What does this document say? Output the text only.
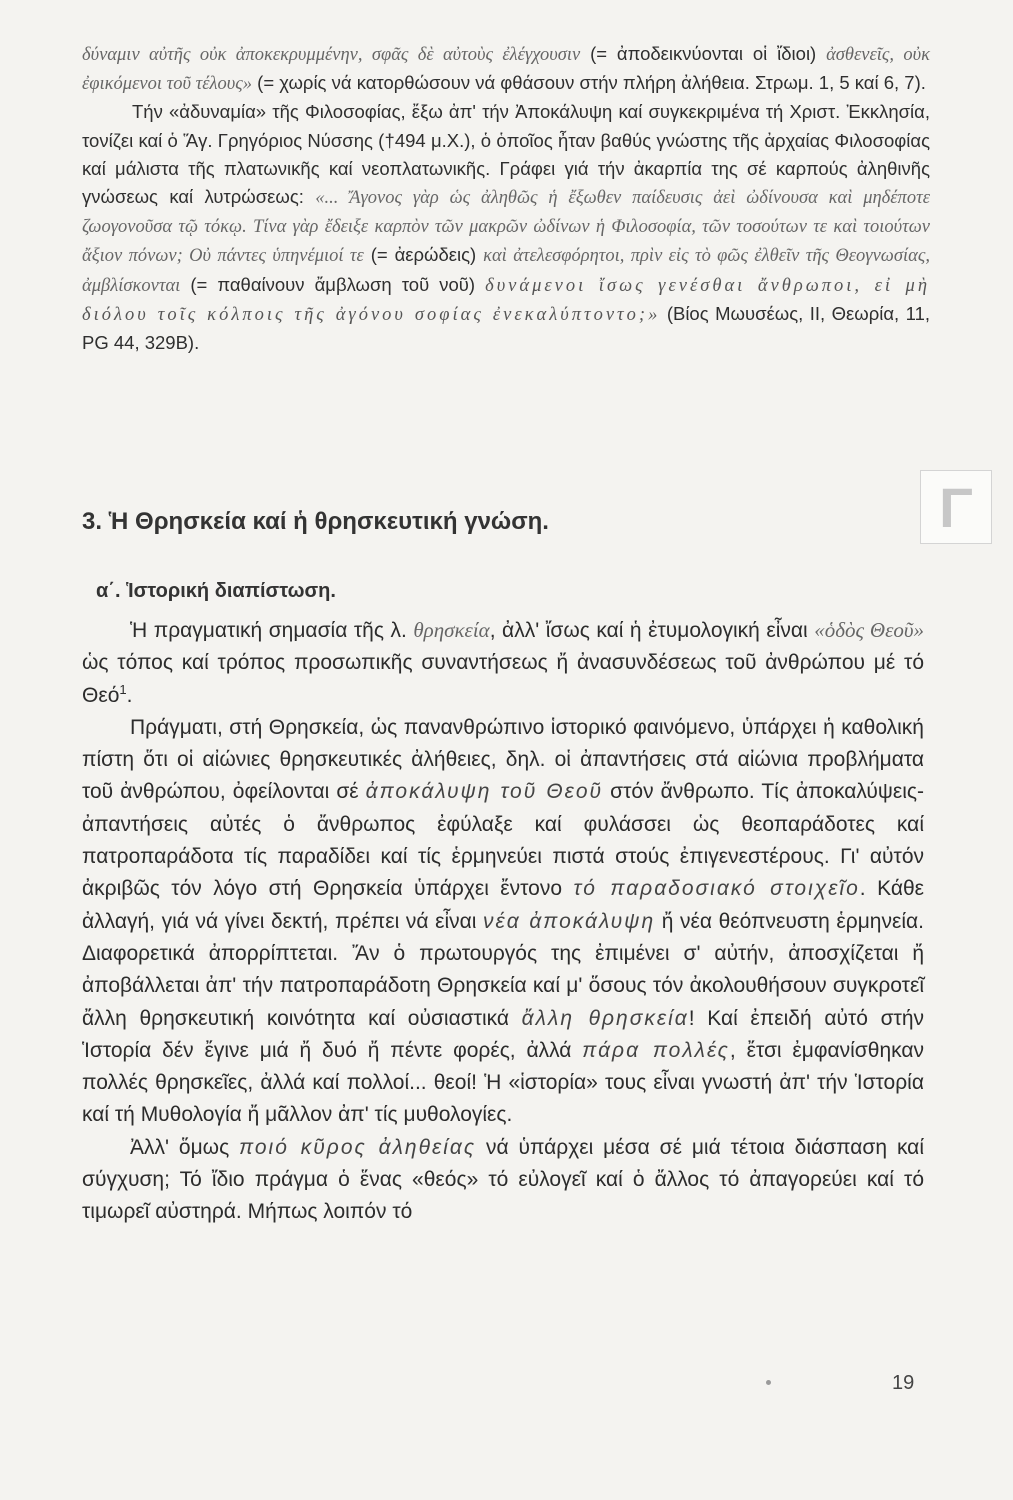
δύναμιν αὐτῆς οὐκ ἀποκεκρυμμένην, σφᾶς δὲ αὐτοὺς ἐλέγχουσιν (= ἀποδεικνύονται οἱ ἴδιοι) ἀσθενεῖς, οὐκ ἐφικόμενοι τοῦ τέλους» (= χωρίς νά κατορθώσουν νά φθάσουν στήν πλήρη ἀλήθεια. Στρωμ. 1, 5 καί 6, 7).

Τήν «ἀδυναμία» τῆς Φιλοσοφίας, ἔξω ἀπ' τήν Ἀποκάλυψη καί συγκεκριμένα τή Χριστ. Ἐκκλησία, τονίζει καί ὁ Ἅγ. Γρηγόριος Νύσσης (†494 μ.Χ.), ὁ ὁποῖος ἦταν βαθύς γνώστης τῆς ἀρχαίας Φιλοσοφίας καί μάλιστα τῆς πλατωνικῆς καί νεοπλατωνικῆς. Γράφει γιά τήν ἀκαρπία της σέ καρπούς ἀληθινῆς γνώσεως καί λυτρώσεως: «... Ἄγονος γὰρ ὡς ἀληθῶς ἡ ἔξωθεν παίδευσις ἀεὶ ὠδίνουσα καὶ μηδέποτε ζωογονοῦσα τῷ τόκῳ. Τίνα γὰρ ἔδειξε καρπὸν τῶν μακρῶν ὠδίνων ἡ Φιλοσοφία, τῶν τοσούτων τε καὶ τοιούτων ἄξιον πόνων; Οὐ πάντες ὑπηνέμιοί τε (= ἀερώδεις) καὶ ἀτελεσφόρητοι, πρὶν εἰς τὸ φῶς ἐλθεῖν τῆς Θεογνωσίας, ἀμβλίσκονται (= παθαίνουν ἄμβλωση τοῦ νοῦ) δυνάμενοι ἴσως γενέσθαι ἄνθρωποι, εἰ μὴ διόλου τοῖς κόλποις τῆς ἀγόνου σοφίας ἐνεκαλύπτοντο;» (Βίος Μωυσέως, II, Θεωρία, 11, PG 44, 329B).

Γ
3. Ἡ Θρησκεία καί ἡ θρησκευτική γνώση.
α΄. Ἱστορική διαπίστωση.

Ἡ πραγματική σημασία τῆς λ. θρησκεία, ἀλλ' ἴσως καί ἡ ἐτυμολογική εἶναι «ὁδὸς Θεοῦ» ὡς τόπος καί τρόπος προσωπικῆς συναντήσεως ἤ ἀνασυνδέσεως τοῦ ἀνθρώπου μέ τό Θεό$^1$.

Πράγματι, στή Θρησκεία, ὡς πανανθρώπινο ἱστορικό φαινόμενο, ὑπάρχει ἡ καθολική πίστη ὅτι οἱ αἰώνιες θρησκευτικές ἀλήθειες, δηλ. οἱ ἀπαντήσεις στά αἰώνια προβλήματα τοῦ ἀνθρώπου, ὀφείλονται σέ ἀποκάλυψη τοῦ Θεοῦ στόν ἄνθρωπο. Τίς ἀποκαλύψεις-ἀπαντήσεις αὐτές ὁ ἄνθρωπος ἐφύλαξε καί φυλάσσει ὡς θεοπαράδοτες καί πατροπαράδοτα τίς παραδίδει καί τίς ἑρμηνεύει πιστά στούς ἐπιγενεστέρους. Γι' αὐτόν ἀκριβῶς τόν λόγο στή Θρησκεία ὑπάρχει ἔντονο τό παραδοσιακό στοιχεῖο. Κάθε ἀλλαγή, γιά νά γίνει δεκτή, πρέπει νά εἶναι νέα ἀποκάλυψη ἤ νέα θεόπνευστη ἑρμηνεία. Διαφορετικά ἀπορρίπτεται. Ἄν ὁ πρωτουργός της ἐπιμένει σ' αὐτήν, ἀποσχίζεται ἤ ἀποβάλλεται ἀπ' τήν πατροπαράδοτη Θρησκεία καί μ' ὅσους τόν ἀκολουθήσουν συγκροτεῖ ἄλλη θρησκευτική κοινότητα καί οὐσιαστικά ἄλλη θρησκεία! Καί ἐπειδή αὐτό στήν Ἱστορία δέν ἔγινε μιά ἤ δυό ἤ πέντε φορές, ἀλλά πάρα πολλές, ἔτσι ἐμφανίσθηκαν πολλές θρησκεῖες, ἀλλά καί πολλοί... θεοί! Ἡ «ἱστορία» τους εἶναι γνωστή ἀπ' τήν Ἱστορία καί τή Μυθολογία ἤ μᾶλλον ἀπ' τίς μυθολογίες.

Ἀλλ' ὅμως ποιό κῦρος ἀληθείας νά ὑπάρχει μέσα σέ μιά τέτοια διάσπαση καί σύγχυση; Τό ἴδιο πράγμα ὁ ἕνας «θεός» τό εὐλογεῖ καί ὁ ἄλλος τό ἀπαγορεύει καί τό τιμωρεῖ αὐστηρά. Μήπως λοιπόν τό

19
